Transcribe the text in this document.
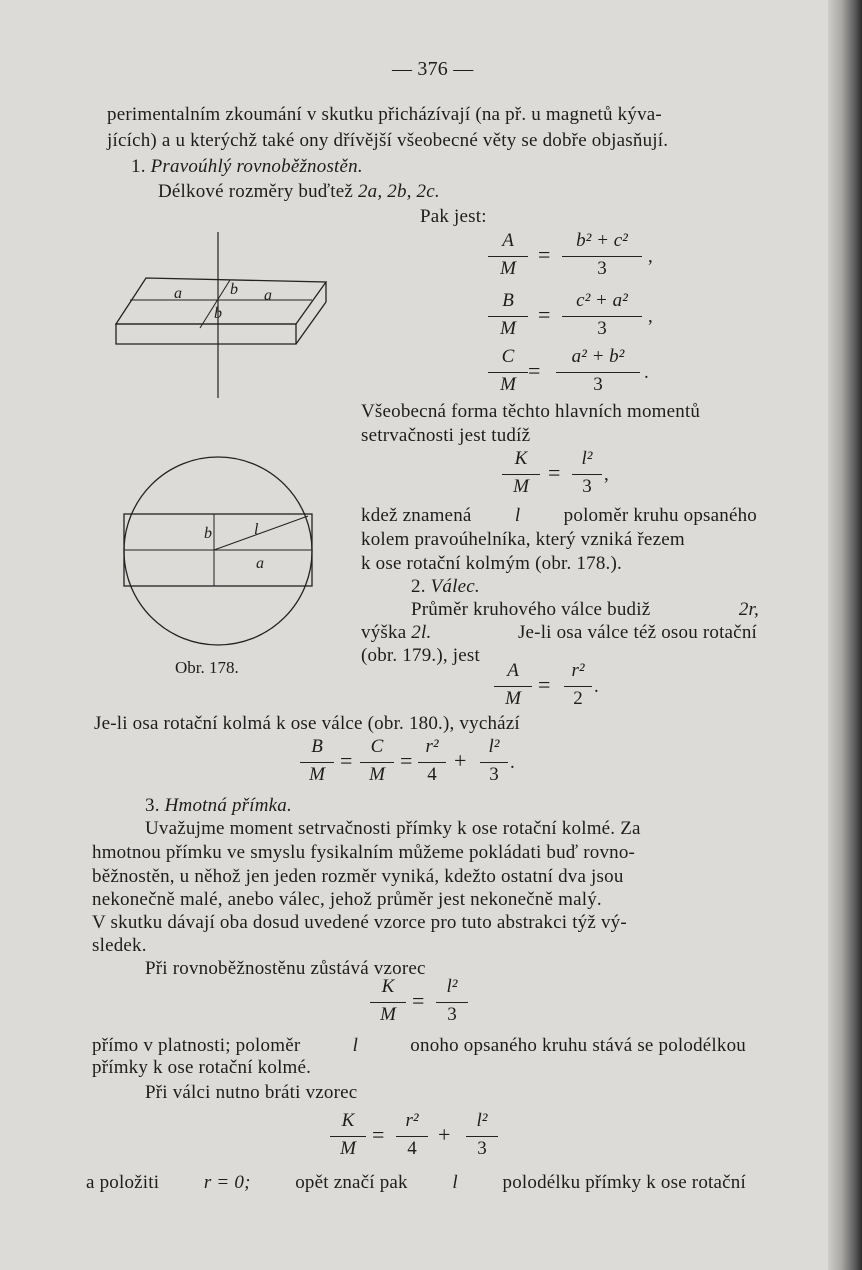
— 376 —
perimentalním zkoumání v skutku přicházívají (na př. u magnetů kýva-
jících) a u kterýchž také ony dřívější všeobecné věty se dobře objasňují.
1. Pravoúhlý rovnoběžnostěn.
Délkové rozměry buďtež 2a, 2b, 2c.
Pak jest:
a	b a
b
b	l
a
Obr. 178.
A
M
=
b² + c²
3
,
B
M
=
c² + a²
3
,
C
M
=
a² + b²
3
.
Všeobecná forma těchto hlavních momentů
setrvačnosti jest tudíž
K
M
=
l²
3
,
kdež znamená l poloměr kruhu opsaného
kolem pravoúhelníka, který vzniká řezem
k ose rotační kolmým (obr. 178.).
2. Válec.
Průměr kruhového válce budiž	2r,
výška 2l.	Je-li osa válce též osou rotační
(obr. 179.), jest
A
M
=
r²
2
.
Je-li osa rotační kolmá k ose válce (obr. 180.), vychází
B
M
=
C
M
=
r²
4
+
l²
3
.
3. Hmotná přímka.
Uvažujme moment setrvačnosti přímky k ose rotační kolmé. Za
hmotnou přímku ve smyslu fysikalním můžeme pokládati buď rovno-
běžnostěn, u něhož jen jeden rozměr vyniká, kdežto ostatní dva jsou
nekonečně malé, anebo válec, jehož průměr jest nekonečně malý.
V skutku dávají oba dosud uvedené vzorce pro tuto abstrakci týž vý-
sledek.
Při rovnoběžnostěnu zůstává vzorec
K
M
=
l²
3
přímo v platnosti; poloměr	l	onoho opsaného kruhu stává se polodélkou
přímky k ose rotační kolmé.
Při válci nutno bráti vzorec
K
M
=
r²
4
+
l²
3
a položiti r = 0; opět značí pak l polodélku přímky k ose rotační
